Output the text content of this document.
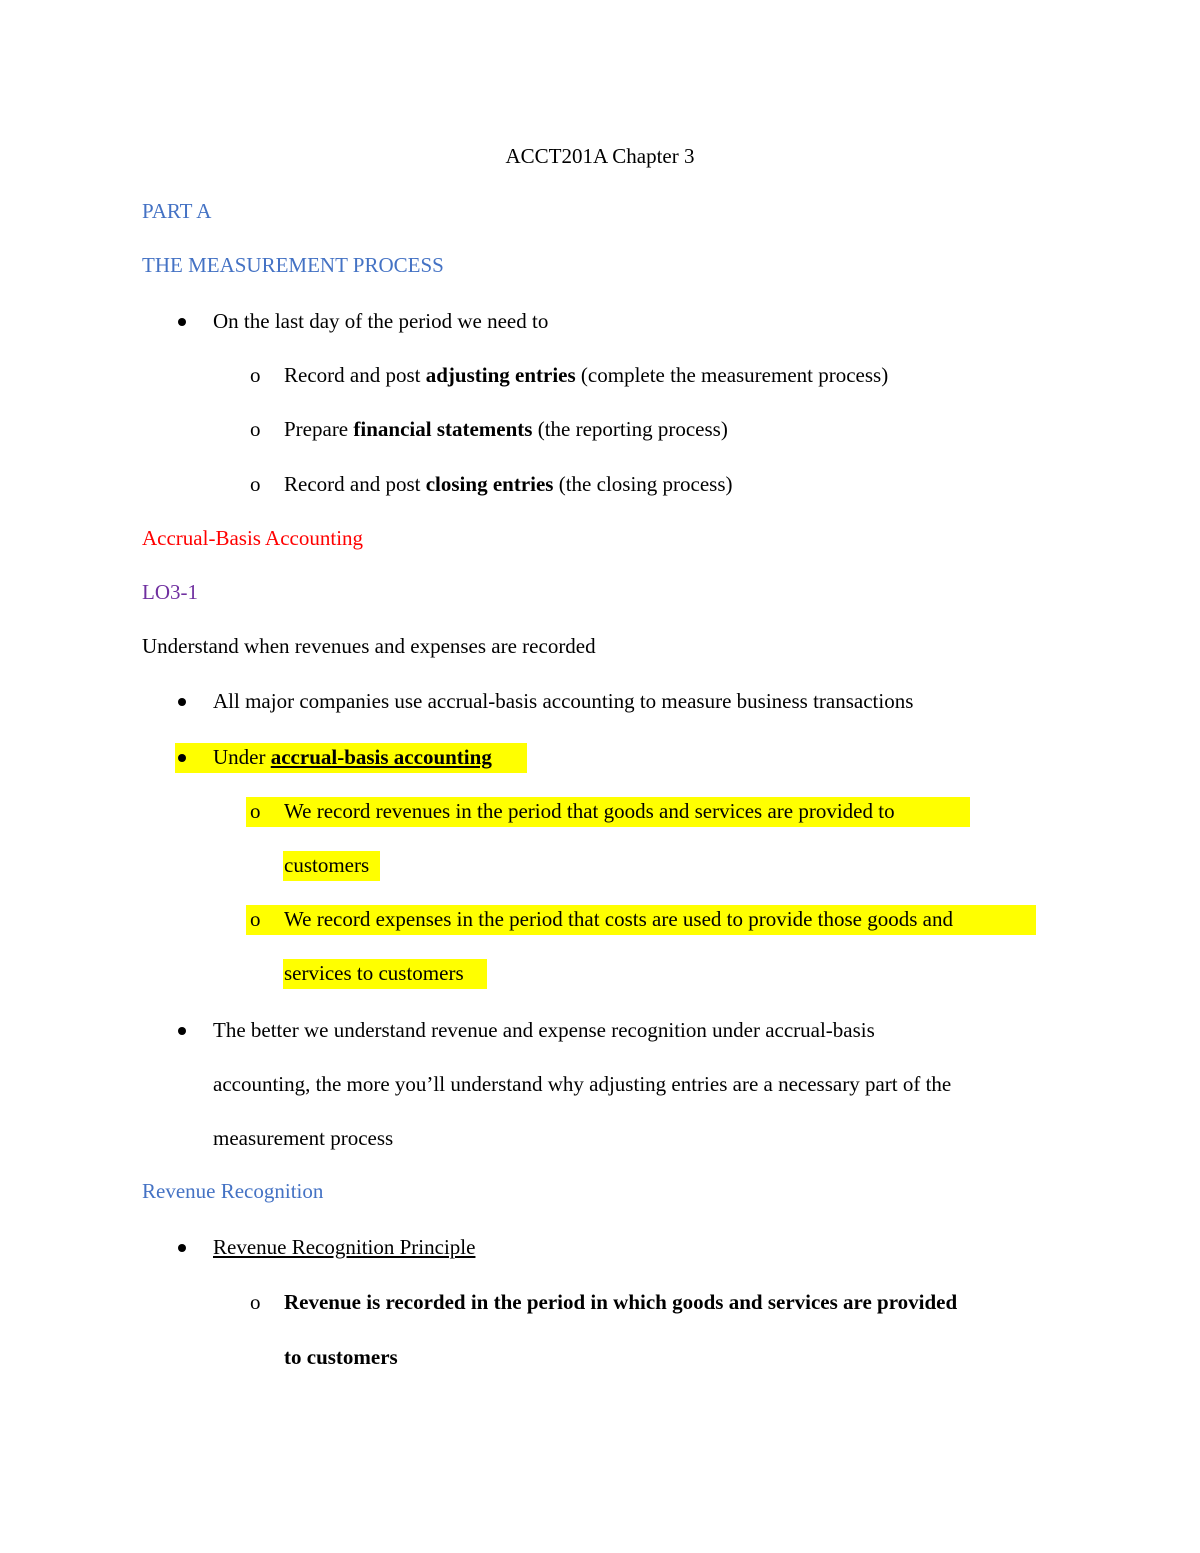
ACCT201A Chapter 3
PART A
THE MEASUREMENT PROCESS
On the last day of the period we need to
o Record and post adjusting entries (complete the measurement process)
o Prepare financial statements (the reporting process)
o Record and post closing entries (the closing process)
Accrual-Basis Accounting
LO3-1
Understand when revenues and expenses are recorded
All major companies use accrual-basis accounting to measure business transactions
Under accrual-basis accounting
o We record revenues in the period that goods and services are provided to
customers
o We record expenses in the period that costs are used to provide those goods and
services to customers
The better we understand revenue and expense recognition under accrual-basis
accounting, the more you’ll understand why adjusting entries are a necessary part of the
measurement process
Revenue Recognition
Revenue Recognition Principle
o Revenue is recorded in the period in which goods and services are provided
to customers
